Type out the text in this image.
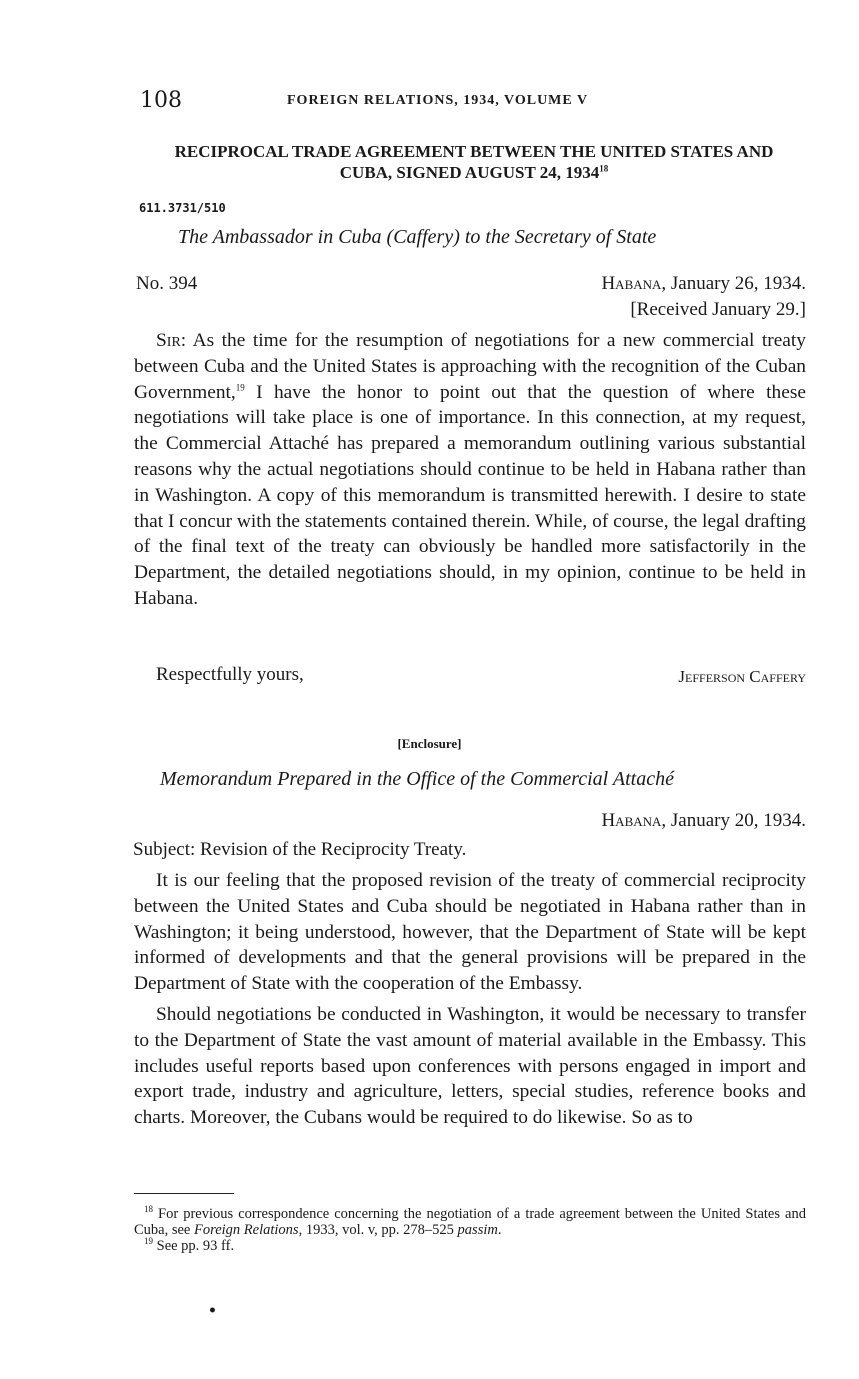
108	FOREIGN RELATIONS, 1934, VOLUME V
RECIPROCAL TRADE AGREEMENT BETWEEN THE UNITED STATES AND
CUBA, SIGNED AUGUST 24, 1934$^{18}$
611.3731/510
The Ambassador in Cuba (Caffery) to the Secretary of State
No. 394	Habana, January 26, 1934.
[Received January 29.]

Sir: As the time for the resumption of negotiations for a new commercial treaty between Cuba and the United States is approaching with the recognition of the Cuban Government,$^{19}$ I have the honor to point out that the question of where these negotiations will take place is one of importance. In this connection, at my request, the Commercial Attaché has prepared a memorandum outlining various substantial reasons why the actual negotiations should continue to be held in Habana rather than in Washington. A copy of this memorandum is transmitted herewith. I desire to state that I concur with the statements contained therein. While, of course, the legal drafting of the final text of the treaty can obviously be handled more satisfactorily in the Department, the detailed negotiations should, in my opinion, continue to be held in Habana.

Respectfully yours,	Jefferson Caffery
[Enclosure]
Memorandum Prepared in the Office of the Commercial Attaché
Habana, January 20, 1934.
Subject: Revision of the Reciprocity Treaty.

It is our feeling that the proposed revision of the treaty of commercial reciprocity between the United States and Cuba should be negotiated in Habana rather than in Washington; it being understood, however, that the Department of State will be kept informed of developments and that the general provisions will be prepared in the Department of State with the cooperation of the Embassy.

Should negotiations be conducted in Washington, it would be necessary to transfer to the Department of State the vast amount of material available in the Embassy. This includes useful reports based upon conferences with persons engaged in import and export trade, industry and agriculture, letters, special studies, reference books and charts. Moreover, the Cubans would be required to do likewise. So as to

$^{18}$ For previous correspondence concerning the negotiation of a trade agreement between the United States and Cuba, see Foreign Relations, 1933, vol. v, pp. 278–525 passim.
$^{19}$ See pp. 93 ff.
•
